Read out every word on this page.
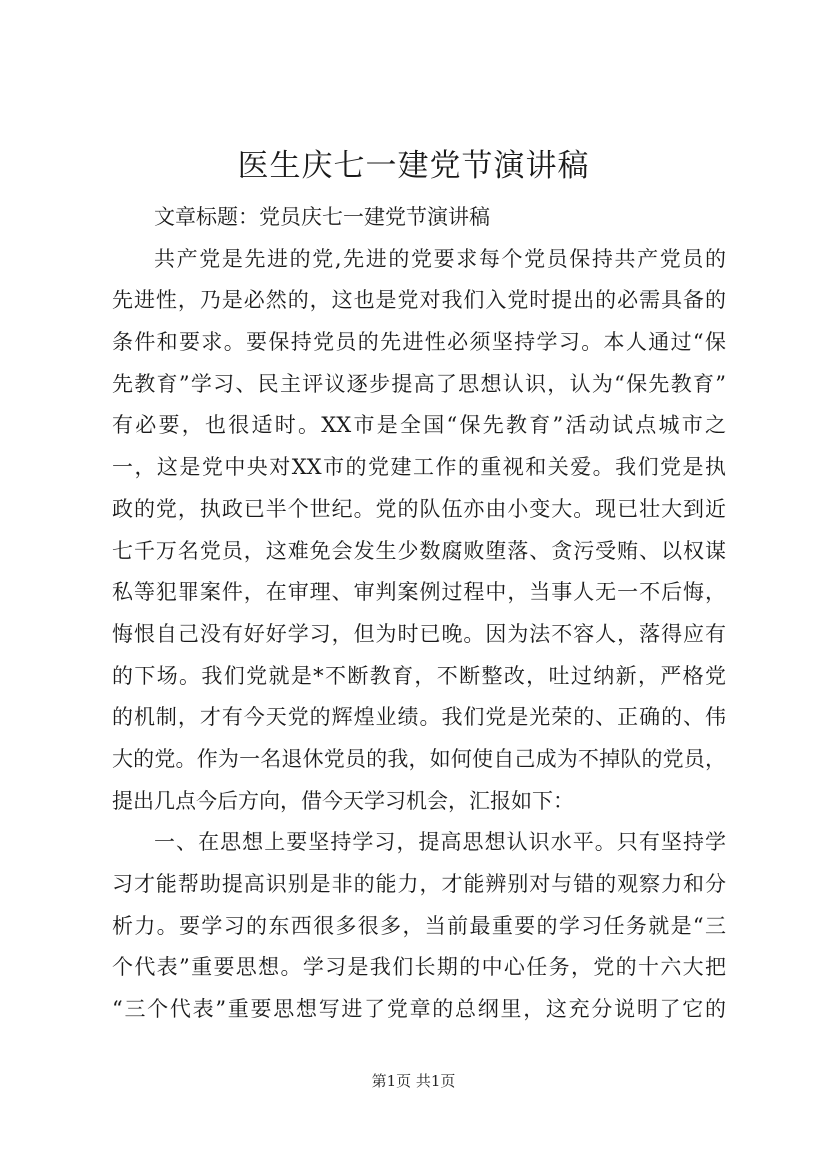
医生庆七一建党节演讲稿
文章标题：党员庆七一建党节演讲稿
共产党是先进的党,先进的党要求每个党员保持共产党员的
先进性，乃是必然的，这也是党对我们入党时提出的必需具备的
条件和要求。要保持党员的先进性必须坚持学习。本人通过“保
先教育”学习、民主评议逐步提高了思想认识，认为“保先教育”
有必要，也很适时。XX市是全国“保先教育”活动试点城市之
一，这是党中央对XX市的党建工作的重视和关爱。我们党是执
政的党，执政已半个世纪。党的队伍亦由小变大。现已壮大到近
七千万名党员，这难免会发生少数腐败堕落、贪污受贿、以权谋
私等犯罪案件，在审理、审判案例过程中，当事人无一不后悔，
悔恨自己没有好好学习，但为时已晚。因为法不容人，落得应有
的下场。我们党就是*不断教育，不断整改，吐过纳新，严格党
的机制，才有今天党的辉煌业绩。我们党是光荣的、正确的、伟
大的党。作为一名退休党员的我，如何使自己成为不掉队的党员，
提出几点今后方向，借今天学习机会，汇报如下：
一、在思想上要坚持学习，提高思想认识水平。只有坚持学
习才能帮助提高识别是非的能力，才能辨别对与错的观察力和分
析力。要学习的东西很多很多，当前最重要的学习任务就是“三
个代表”重要思想。学习是我们长期的中心任务，党的十六大把
“三个代表”重要思想写进了党章的总纲里，这充分说明了它的
第1页 共1页
